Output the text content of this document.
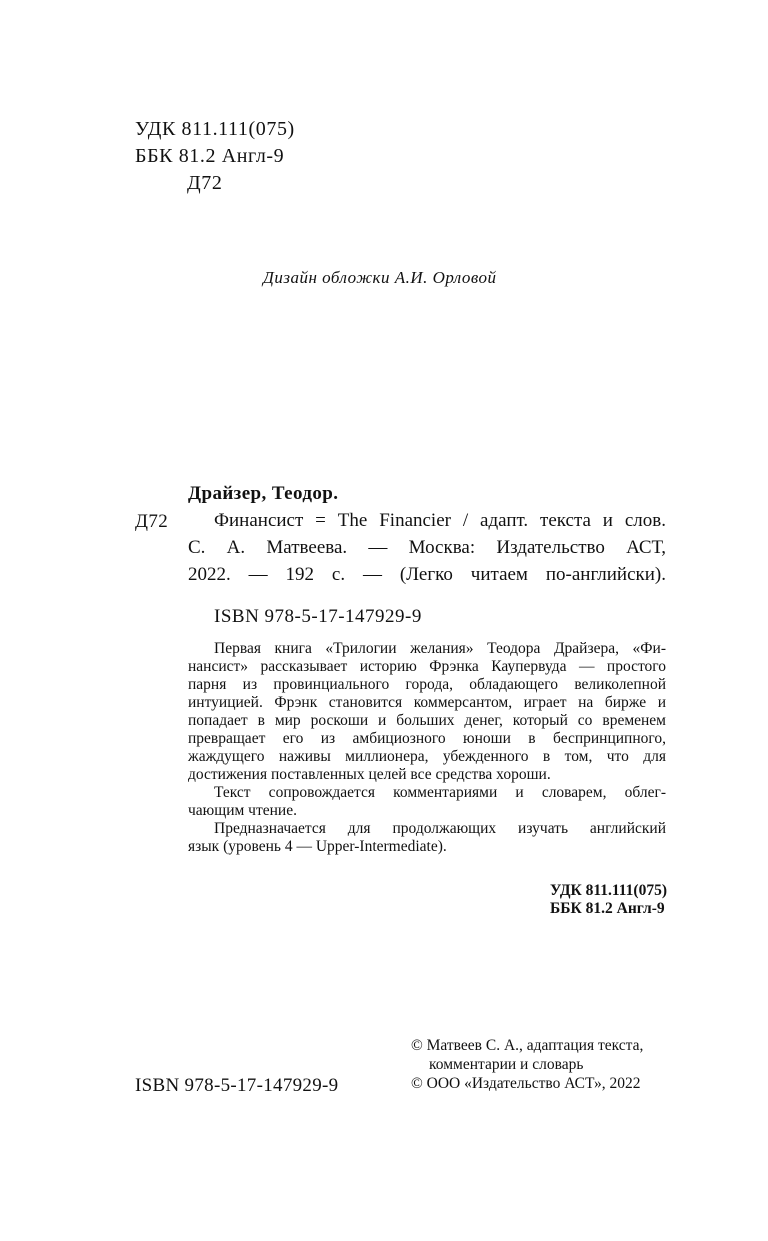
УДК 811.111(075)
ББК 81.2 Англ-9
Д72
Дизайн обложки А.И. Орловой
Драйзер, Теодор.
Д72	Финансист = The Financier / адапт. текста и слов.
С. А. Матвеева. — Москва: Издательство АСТ,
2022. — 192 с. — (Легко читаем по-английски).
ISBN 978-5-17-147929-9
Первая книга «Трилогии желания» Теодора Драйзера, «Фи-
нансист» рассказывает историю Фрэнка Каупервуда — простого
парня из провинциального города, обладающего великолепной
интуицией. Фрэнк становится коммерсантом, играет на бирже и
попадает в мир роскоши и больших денег, который со временем
превращает его из амбициозного юноши в беспринципного,
жаждущего наживы миллионера, убежденного в том, что для
достижения поставленных целей все средства хороши.
Текст сопровождается комментариями и словарем, облег-
чающим чтение.
Предназначается для продолжающих изучать английский
язык (уровень 4 — Upper-Intermediate).
УДК 811.111(075)
ББК 81.2 Англ-9
© Матвеев С. А., адаптация текста,
комментарии и словарь
© ООО «Издательство АСТ», 2022
ISBN 978-5-17-147929-9
